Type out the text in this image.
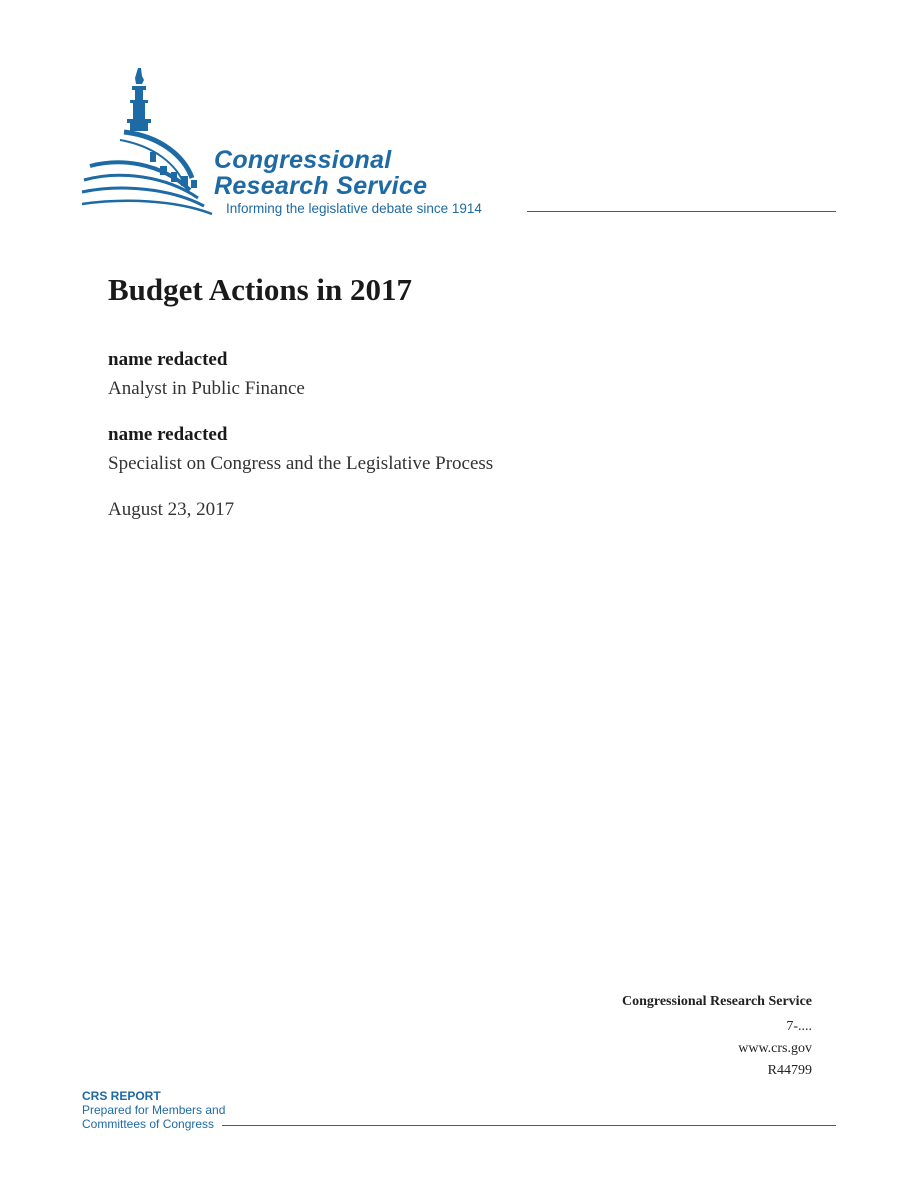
Congressional
Research Service
Informing the legislative debate since 1914
Budget Actions in 2017
name redacted
Analyst in Public Finance
name redacted
Specialist on Congress and the Legislative Process
August 23, 2017
Congressional Research Service
7-....
www.crs.gov
R44799
CRS REPORT
Prepared for Members and
Committees of Congress
